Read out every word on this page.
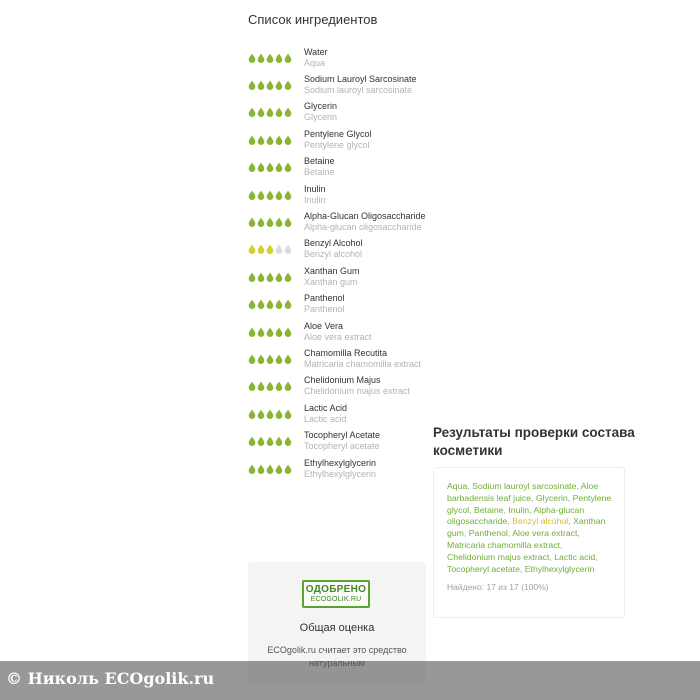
Список ингредиентов
Water
Aqua
Sodium Lauroyl Sarcosinate
Sodium lauroyl sarcosinate
Glycerin
Glycerin
Pentylene Glycol
Pentylene glycol
Betaine
Betaine
Inulin
Inulin
Alpha-Glucan Oligosaccharide
Alpha-glucan oligosaccharide
Benzyl Alcohol
Benzyl alcohol
Xanthan Gum
Xanthan gum
Panthenol
Panthenol
Aloe Vera
Aloe vera extract
Chamomilla Recutita
Matricaria chamomilla extract
Chelidonium Majus
Chelidonium majus extract
Lactic Acid
Lactic acid
Tocopheryl Acetate
Tocopheryl acetate
Ethylhexylglycerin
Ethylhexylglycerin
ОДОБРЕНО
ECOGOLIK.RU
Общая оценка
ECOgolik.ru считает это средство
Результаты проверки состава косметики
Aqua, Sodium lauroyl sarcosinate, Aloe barbadensis leaf juice, Glycerin, Pentylene glycol, Betaine, Inulin, Alpha-glucan oligosaccharide, Benzyl alcohol, Xanthan gum, Panthenol, Aloe vera extract, Matricaria chamomilla extract, Chelidonium majus extract, Lactic acid, Tocopheryl acetate, Ethylhexylglycerin
Найдено: 17 из 17 (100%)
© Николь ECOgolik.ru
